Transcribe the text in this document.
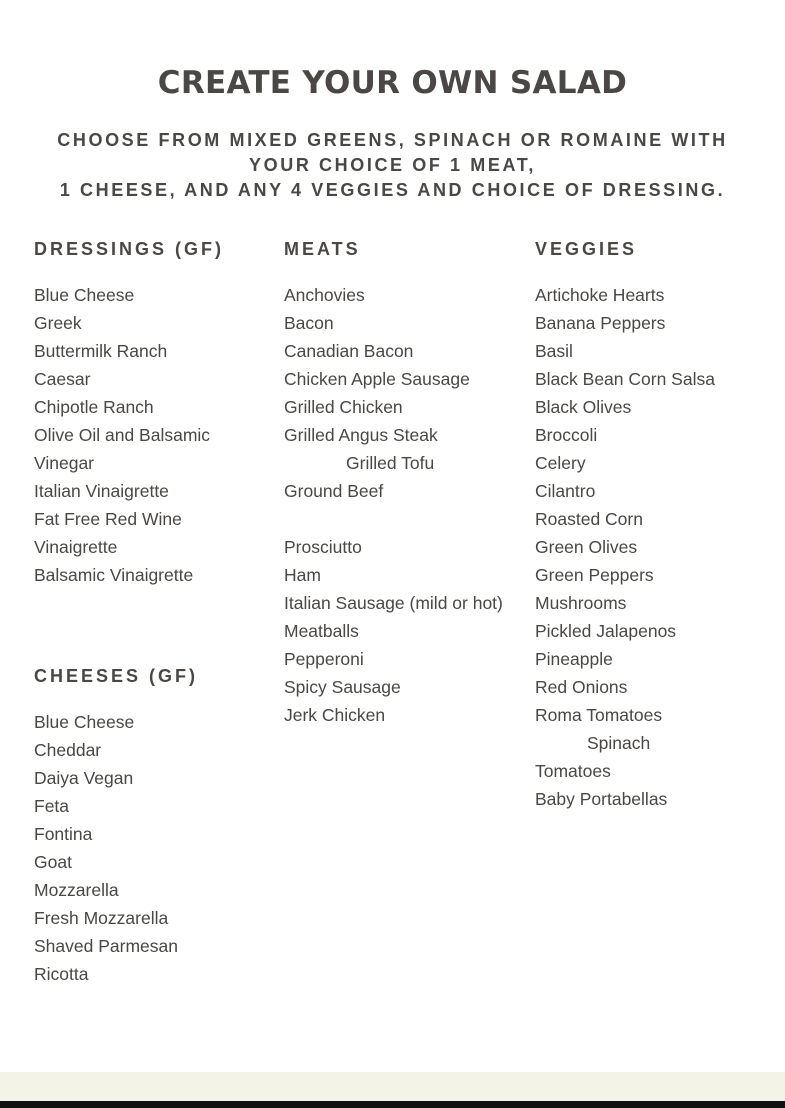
CREATE YOUR OWN SALAD
CHOOSE FROM MIXED GREENS, SPINACH OR ROMAINE WITH
YOUR CHOICE OF 1 MEAT,
1 CHEESE, AND ANY 4 VEGGIES AND CHOICE OF DRESSING.
DRESSINGS (GF)
Blue Cheese
Greek
Buttermilk Ranch
Caesar
Chipotle Ranch
Olive Oil and Balsamic
Vinegar
Italian Vinaigrette
Fat Free Red Wine
Vinaigrette
Balsamic Vinaigrette
CHEESES (GF)
Blue Cheese
Cheddar
Daiya Vegan
Feta
Fontina
Goat
Mozzarella
Fresh Mozzarella
Shaved Parmesan
Ricotta
MEATS
Anchovies
Bacon
Canadian Bacon
Chicken Apple Sausage
Grilled Chicken
Grilled Angus Steak
Grilled Tofu
Ground Beef
Prosciutto
Ham
Italian Sausage (mild or hot)
Meatballs
Pepperoni
Spicy Sausage
Jerk Chicken
VEGGIES
Artichoke Hearts
Banana Peppers
Basil
Black Bean Corn Salsa
Black Olives
Broccoli
Celery
Cilantro
Roasted Corn
Green Olives
Green Peppers
Mushrooms
Pickled Jalapenos
Pineapple
Red Onions
Roma Tomatoes
Spinach
Tomatoes
Baby Portabellas
